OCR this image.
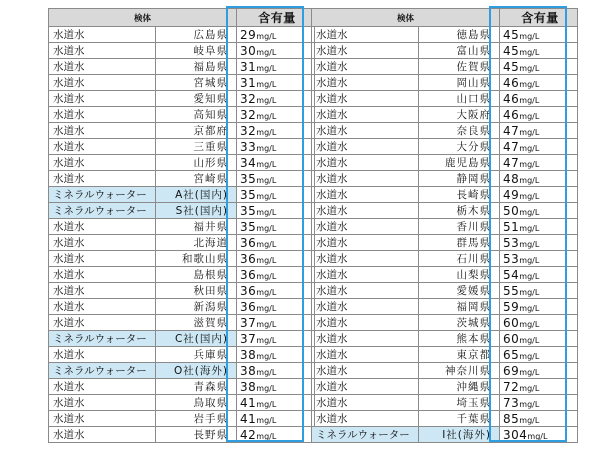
検体		含有量
水道水	広島県	29mg/L
水道水	岐阜県	30mg/L
水道水	福島県	31mg/L
水道水	宮城県	31mg/L
水道水	愛知県	32mg/L
水道水	高知県	32mg/L
水道水	京都府	32mg/L
水道水	三重県	33mg/L
水道水	山形県	34mg/L
水道水	宮崎県	35mg/L
ミネラルウォーター	A社(国内)	35mg/L
ミネラルウォーター	S社(国内)	35mg/L
水道水	福井県	35mg/L
水道水	北海道	36mg/L
水道水	和歌山県	36mg/L
水道水	島根県	36mg/L
水道水	秋田県	36mg/L
水道水	新潟県	36mg/L
水道水	滋賀県	37mg/L
ミネラルウォーター	C社(国内)	37mg/L
水道水	兵庫県	38mg/L
ミネラルウォーター	O社(海外)	38mg/L
水道水	青森県	38mg/L
水道水	鳥取県	41mg/L
水道水	岩手県	41mg/L
水道水	長野県	42mg/L
検体		含有量
水道水	徳島県	45mg/L
水道水	富山県	45mg/L
水道水	佐賀県	45mg/L
水道水	岡山県	46mg/L
水道水	山口県	46mg/L
水道水	大阪府	46mg/L
水道水	奈良県	47mg/L
水道水	大分県	47mg/L
水道水	鹿児島県	47mg/L
水道水	静岡県	48mg/L
水道水	長崎県	49mg/L
水道水	栃木県	50mg/L
水道水	香川県	51mg/L
水道水	群馬県	53mg/L
水道水	石川県	53mg/L
水道水	山梨県	54mg/L
水道水	愛媛県	55mg/L
水道水	福岡県	59mg/L
水道水	茨城県	60mg/L
水道水	熊本県	60mg/L
水道水	東京都	65mg/L
水道水	神奈川県	69mg/L
水道水	沖縄県	72mg/L
水道水	埼玉県	73mg/L
水道水	千葉県	85mg/L
ミネラルウォーター	I社(海外)	304mg/L
